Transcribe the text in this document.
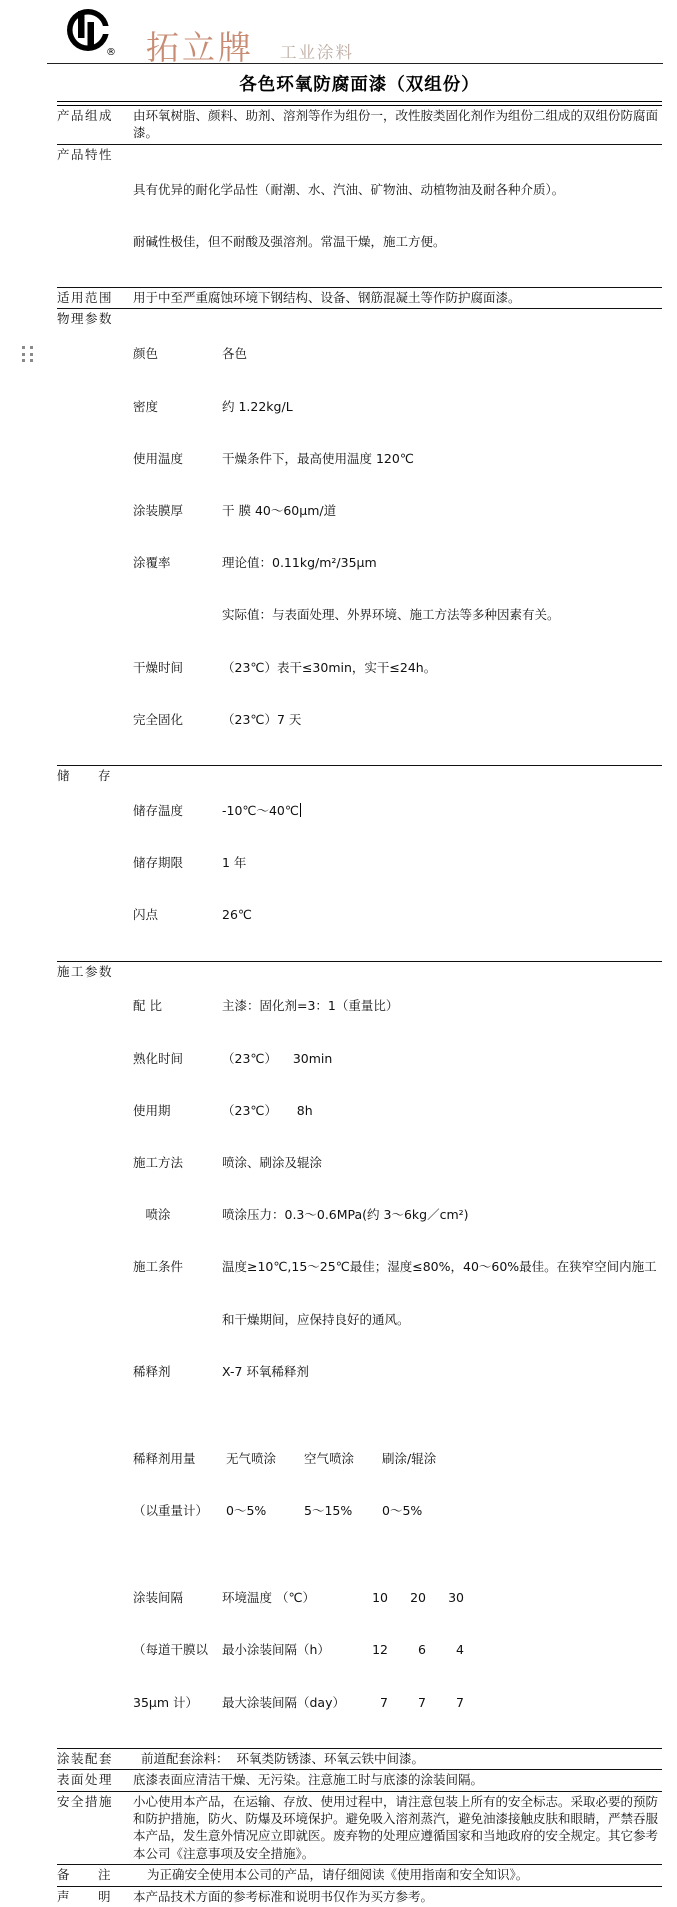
® 拓立牌 工业涂料
各色环氧防腐面漆（双组份）
产品组成	由环氧树脂、颜料、助剂、溶剂等作为组份一，改性胺类固化剂作为组份二组成的双组份防腐面漆。
产品特性

具有优异的耐化学品性（耐潮、水、汽油、矿物油、动植物油及耐各种介质）。

耐碱性极佳，但不耐酸及强溶剂。常温干燥，施工方便。

适用范围	用于中至严重腐蚀环境下钢结构、设备、钢筋混凝土等作防护腐面漆。
物理参数

颜色	各色

密度	约 1.22kg/L

使用温度	干燥条件下，最高使用温度 120℃

涂装膜厚	干 膜 40～60μm/道

涂覆率	理论值：0.11kg/m²/35μm

实际值：与表面处理、外界环境、施工方法等多种因素有关。

干燥时间	（23℃）表干≤30min，实干≤24h。

完全固化	（23℃）7 天

储　存

储存温度	-10℃～40℃

储存期限	1 年

闪点	26℃

施工参数

配 比	主漆：固化剂=3：1（重量比）

熟化时间	（23℃）    30min

使用期	（23℃）     8h

施工方法	喷涂、刷涂及辊涂

　喷涂	喷涂压力：0.3～0.6MPa(约 3～6kg／cm²)

施工条件	温度≥10℃,15～25℃最佳；湿度≤80%，40～60%最佳。在狭窄空间内施工

和干燥期间，应保持良好的通风。

稀释剂	X-7 环氧稀释剂

稀释剂用量	无气喷涂	空气喷涂	刷涂/辊涂

（以重量计）	0～5%	5～15%	0～5%

涂装间隔	环境温度 （℃）	10	20	30

（每道干膜以	最小涂装间隔（h）	12	6	4

35μm 计）	最大涂装间隔（day）	7	7	7

涂装配套	前道配套涂料：  环氧类防锈漆、环氧云铁中间漆。
表面处理	底漆表面应清洁干燥、无污染。注意施工时与底漆的涂装间隔。
安全措施	小心使用本产品，在运输、存放、使用过程中，请注意包装上所有的安全标志。采取必要的预防和防护措施，防火、防爆及环境保护。避免吸入溶剂蒸汽，避免油漆接触皮肤和眼睛，严禁吞服本产品，发生意外情况应立即就医。废弃物的处理应遵循国家和当地政府的安全规定。其它参考本公司《注意事项及安全措施》。
备　注	为正确安全使用本公司的产品，请仔细阅读《使用指南和安全知识》。
声　明	本产品技术方面的参考标准和说明书仅作为买方参考。
